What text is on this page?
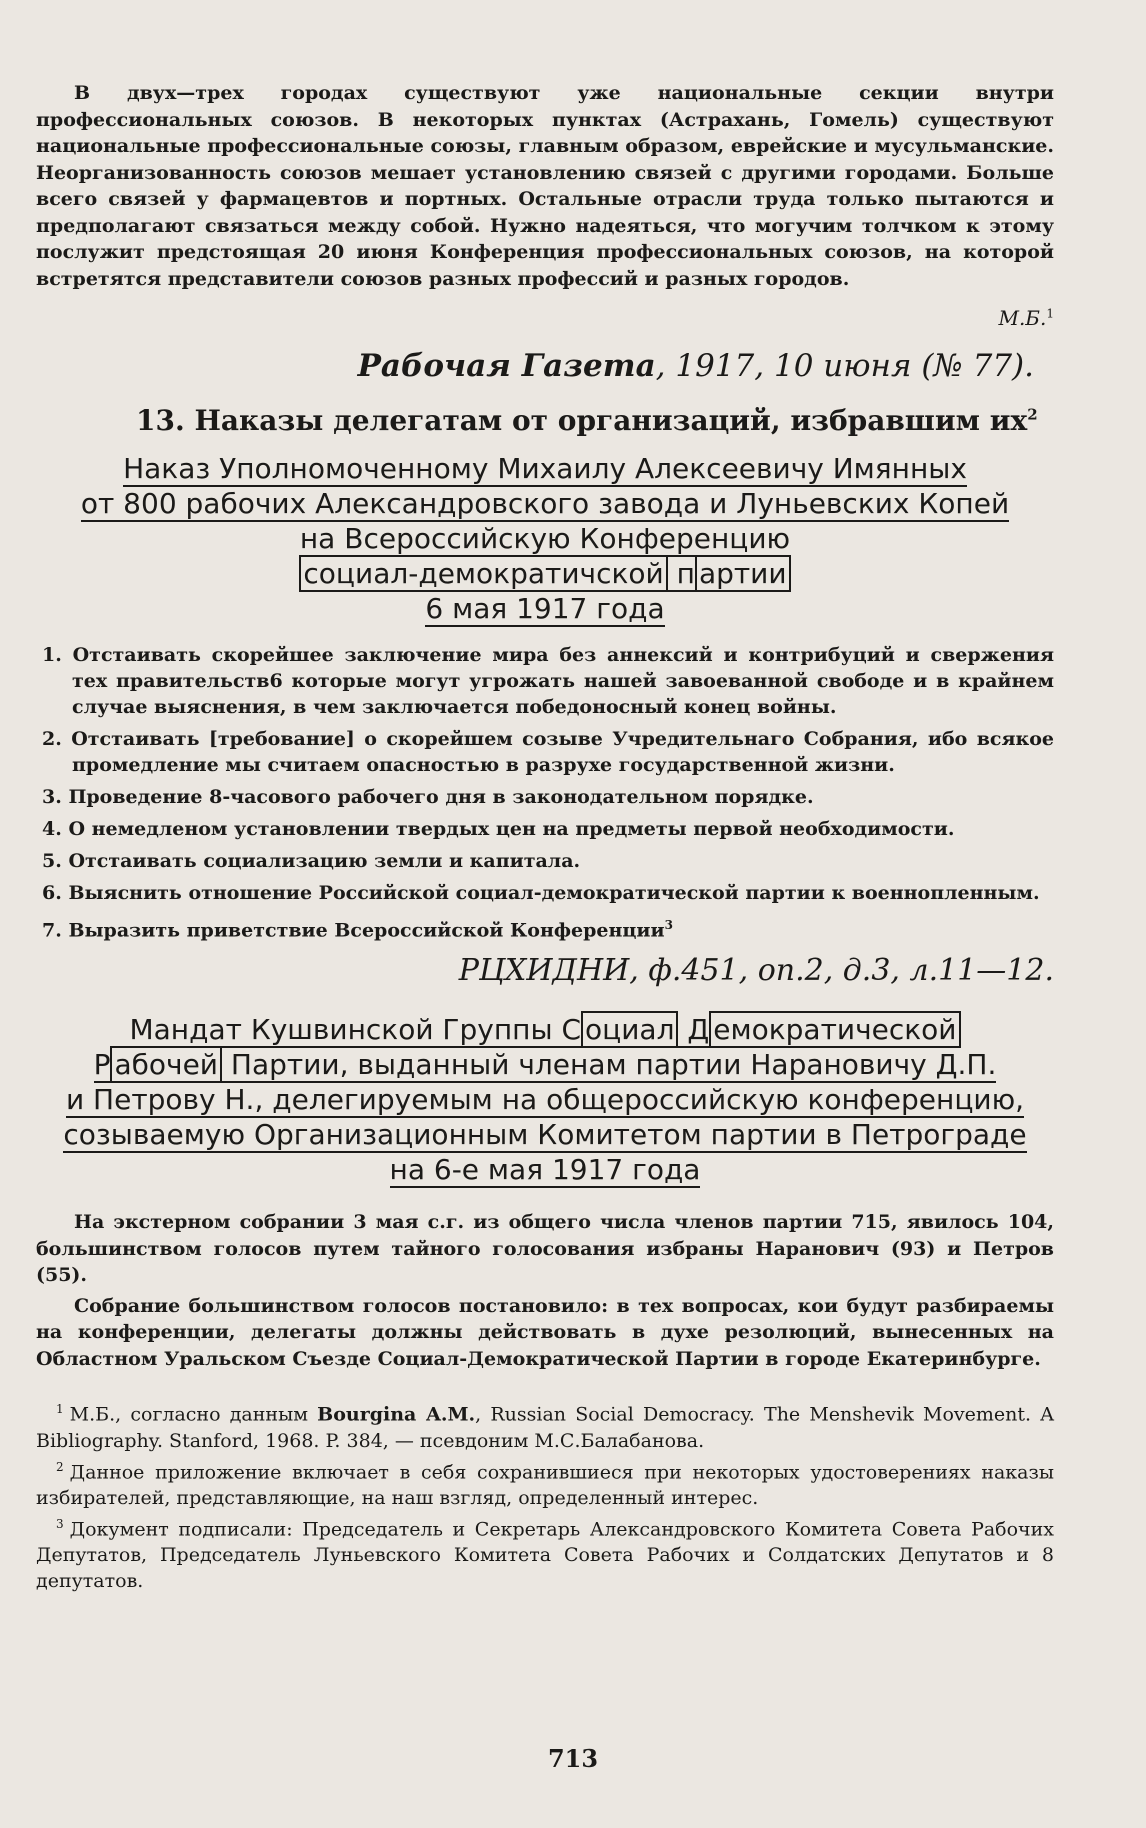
В двух—трех городах существуют уже национальные секции внутри профессиональных союзов. В некоторых пунктах (Астрахань, Гомель) существуют национальные профессиональные союзы, главным образом, еврейские и мусульманские. Неорганизованность союзов мешает установлению связей с другими городами. Больше всего связей у фармацевтов и портных. Остальные отрасли труда только пытаются и предполагают связаться между собой. Нужно надеяться, что могучим толчком к этому послужит предстоящая 20 июня Конференция профессиональных союзов, на которой встретятся представители союзов разных профессий и разных городов.

М.Б.$^1$

Рабочая Газета, 1917, 10 июня (№ 77).

13. Наказы делегатам от организаций, избравшим $их^2$

Наказ Уполномоченному Михаилу Алексеевичу Имянных
от 800 рабочих Александровского завода и Луньевских Копей
на Всероссийскую Конференцию
социал-демократичской п артии
6 мая 1917 года
1. Отстаивать скорейшее заключение мира без аннексий и контрибуций и свержения тех правительств6 которые могут угрожать нашей завоеванной свободе и в крайнем случае выяснения, в чем заключается победоносный конец войны.
2. Отстаивать [требование] о скорейшем созыве Учредительнаго Собрания, ибо всякое промедление мы считаем опасностью в разрухе государственной жизни.
3. Проведение 8-часового рабочего дня в законодательном порядке.
4. О немедленом установлении твердых цен на предметы первой необходимости.
5. Отстаивать социализацию земли и капитала.
6. Выяснить отношение Российской социал-демократической партии к военнопленным.
7. Выразить приветствие Всероссийской Конференции$^3$

РЦХИДНИ, ф.451, оп.2, д.3, л.11—12.

Мандат Кушвинской Группы С оциал Д емократической
Р абочей Партии, выданный членам партии Нарановичу Д.П.
и Петрову Н., делегируемым на общероссийскую конференцию,
созываемую Организационным Комитетом партии в Петрограде
на 6-е мая 1917 года

На экстерном собрании 3 мая с.г. из общего числа членов партии 715, явилось 104, большинством голосов путем тайного голосования избраны Наранович (93) и Петров (55).

Собрание большинством голосов постановило: в тех вопросах, кои будут разбираемы на конференции, делегаты должны действовать в духе резолюций, вынесенных на Областном Уральском Съезде Социал-Демократической Партии в городе Екатеринбурге.

$^1$ М.Б., согласно данным Bourgina A.M., Russian Social Democracy. The Menshevik Movement. A Bibliography. Stanford, 1968. P. 384, — псевдоним М.С.Балабанова.

$^2$ Данное приложение включает в себя сохранившиеся при некоторых удостоверениях наказы избирателей, представляющие, на наш взгляд, определенный интерес.

$^3$ Документ подписали: Председатель и Секретарь Александровского Комитета Совета Рабочих Депутатов, Председатель Луньевского Комитета Совета Рабочих и Солдатских Депутатов и 8 депутатов.

713
